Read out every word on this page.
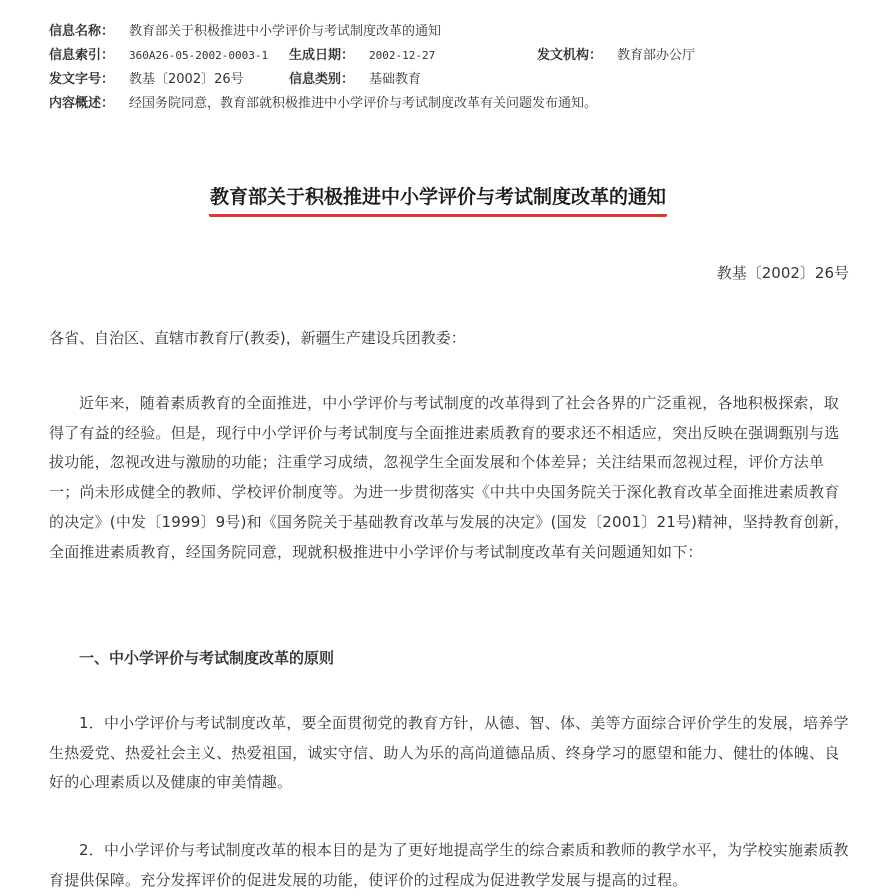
信息名称： 教育部关于积极推进中小学评价与考试制度改革的通知
信息索引： 360A26-05-2002-0003-1 生成日期： 2002-12-27	发文机构： 教育部办公厅
发文字号： 教基〔2002〕26号	信息类别： 基础教育
内容概述： 经国务院同意，教育部就积极推进中小学评价与考试制度改革有关问题发布通知。
教育部关于积极推进中小学评价与考试制度改革的通知
教基〔2002〕26号
各省、自治区、直辖市教育厅(教委)，新疆生产建设兵团教委：
近年来，随着素质教育的全面推进，中小学评价与考试制度的改革得到了社会各界的广泛重视，各地积极探索，取得了有益的经验。但是，现行中小学评价与考试制度与全面推进素质教育的要求还不相适应，突出反映在强调甄别与选拔功能，忽视改进与激励的功能；注重学习成绩，忽视学生全面发展和个体差异；关注结果而忽视过程，评价方法单一；尚未形成健全的教师、学校评价制度等。为进一步贯彻落实《中共中央国务院关于深化教育改革全面推进素质教育的决定》(中发〔1999〕9号)和《国务院关于基础教育改革与发展的决定》(国发〔2001〕21号)精神，坚持教育创新，全面推进素质教育，经国务院同意，现就积极推进中小学评价与考试制度改革有关问题通知如下：
一、中小学评价与考试制度改革的原则
1．中小学评价与考试制度改革，要全面贯彻党的教育方针，从德、智、体、美等方面综合评价学生的发展，培养学生热爱党、热爱社会主义、热爱祖国，诚实守信、助人为乐的高尚道德品质、终身学习的愿望和能力、健壮的体魄、良好的心理素质以及健康的审美情趣。
2．中小学评价与考试制度改革的根本目的是为了更好地提高学生的综合素质和教师的教学水平，为学校实施素质教育提供保障。充分发挥评价的促进发展的功能，使评价的过程成为促进教学发展与提高的过程。
